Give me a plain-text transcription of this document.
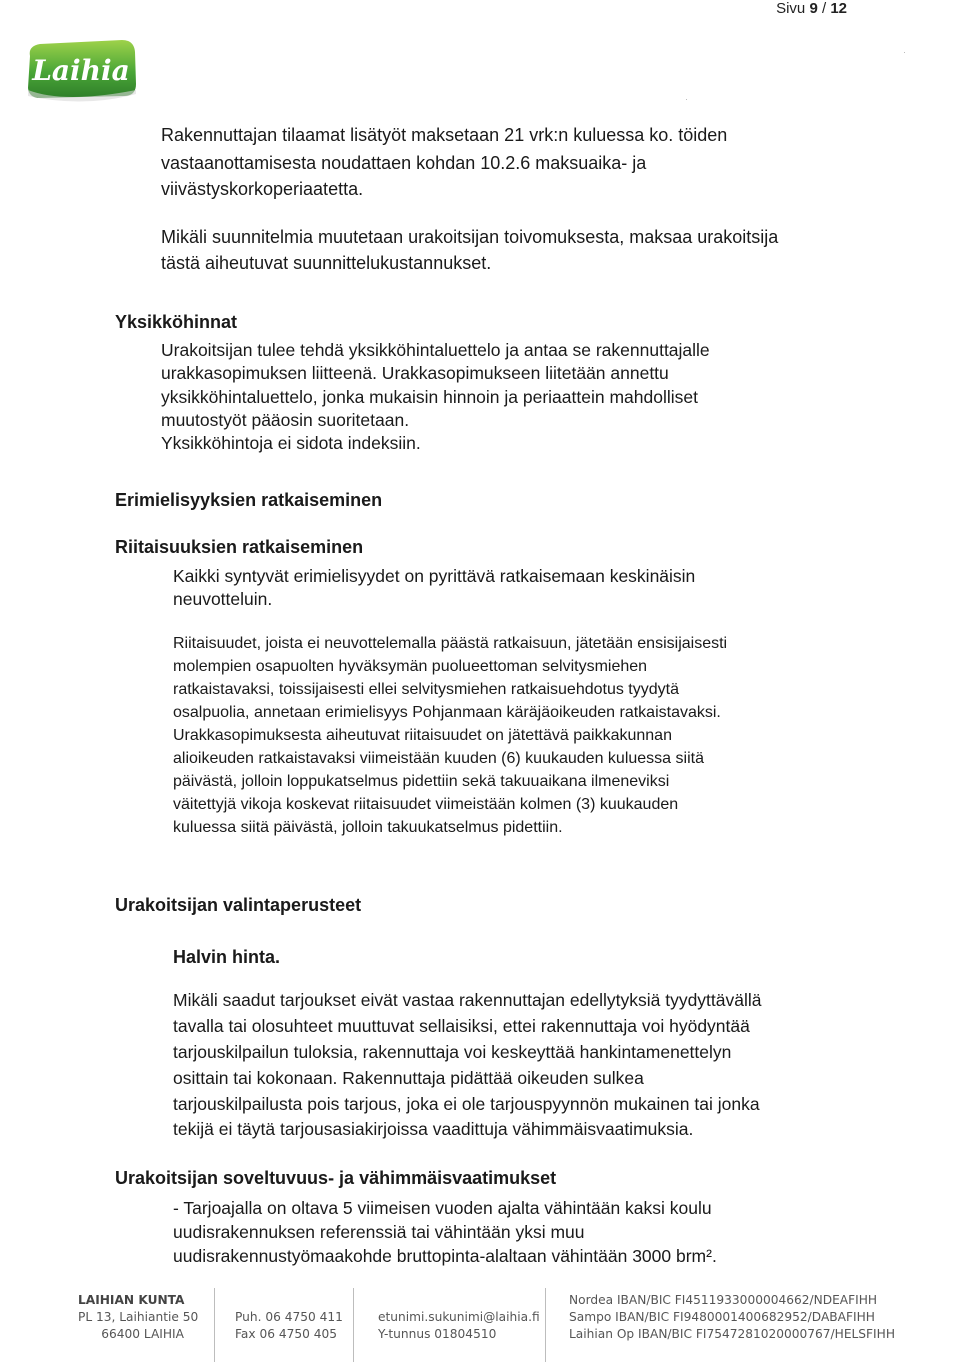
Sivu 9 / 12
Laihia
Rakennuttajan tilaamat lisätyöt maksetaan 21 vrk:n kuluessa ko. töiden
vastaanottamisesta noudattaen kohdan 10.2.6 maksuaika- ja
viivästyskorkoperiaatetta.
Mikäli suunnitelmia muutetaan urakoitsijan toivomuksesta, maksaa urakoitsija
tästä aiheutuvat suunnittelukustannukset.
Yksikköhinnat
Urakoitsijan tulee tehdä yksikköhintaluettelo ja antaa se rakennuttajalle
urakkasopimuksen liitteenä. Urakkasopimukseen liitetään annettu
yksikköhintaluettelo, jonka mukaisin hinnoin ja periaattein mahdolliset
muutostyöt pääosin suoritetaan.
Yksikköhintoja ei sidota indeksiin.
Erimielisyyksien ratkaiseminen
Riitaisuuksien ratkaiseminen
Kaikki syntyvät erimielisyydet on pyrittävä ratkaisemaan keskinäisin
neuvotteluin.
Riitaisuudet, joista ei neuvottelemalla päästä ratkaisuun, jätetään ensisijaisesti
molempien osapuolten hyväksymän puolueettoman selvitysmiehen
ratkaistavaksi, toissijaisesti ellei selvitysmiehen ratkaisuehdotus tyydytä
osalpuolia, annetaan erimielisyys Pohjanmaan käräjäoikeuden ratkaistavaksi.
Urakkasopimuksesta aiheutuvat riitaisuudet on jätettävä paikkakunnan
alioikeuden ratkaistavaksi viimeistään kuuden (6) kuukauden kuluessa siitä
päivästä, jolloin loppukatselmus pidettiin sekä takuuaikana ilmeneviksi
väitettyjä vikoja koskevat riitaisuudet viimeistään kolmen (3) kuukauden
kuluessa siitä päivästä, jolloin takuukatselmus pidettiin.
Urakoitsijan valintaperusteet
Halvin hinta.
Mikäli saadut tarjoukset eivät vastaa rakennuttajan edellytyksiä tyydyttävällä
tavalla tai olosuhteet muuttuvat sellaisiksi, ettei rakennuttaja voi hyödyntää
tarjouskilpailun tuloksia, rakennuttaja voi keskeyttää hankintamenettelyn
osittain tai kokonaan. Rakennuttaja pidättää oikeuden sulkea
tarjouskilpailusta pois tarjous, joka ei ole tarjouspyynnön mukainen tai jonka
tekijä ei täytä tarjousasiakirjoissa vaadittuja vähimmäisvaatimuksia.
Urakoitsijan soveltuvuus- ja vähimmäisvaatimukset
- Tarjoajalla on oltava 5 viimeisen vuoden ajalta vähintään kaksi koulu
uudisrakennuksen referenssiä tai vähintään yksi muu
uudisrakennustyömaakohde bruttopinta-alaltaan vähintään 3000 brm².
LAIHIAN KUNTA
PL 13, Laihiantie 50
66400 LAIHIA
Puh. 06 4750 411
Fax 06 4750 405
etunimi.sukunimi@laihia.fi
Y-tunnus 01804510
Nordea IBAN/BIC FI4511933000004662/NDEAFIHH
Sampo IBAN/BIC FI9480001400682952/DABAFIHH
Laihian Op IBAN/BIC FI7547281020000767/HELSFIHH
